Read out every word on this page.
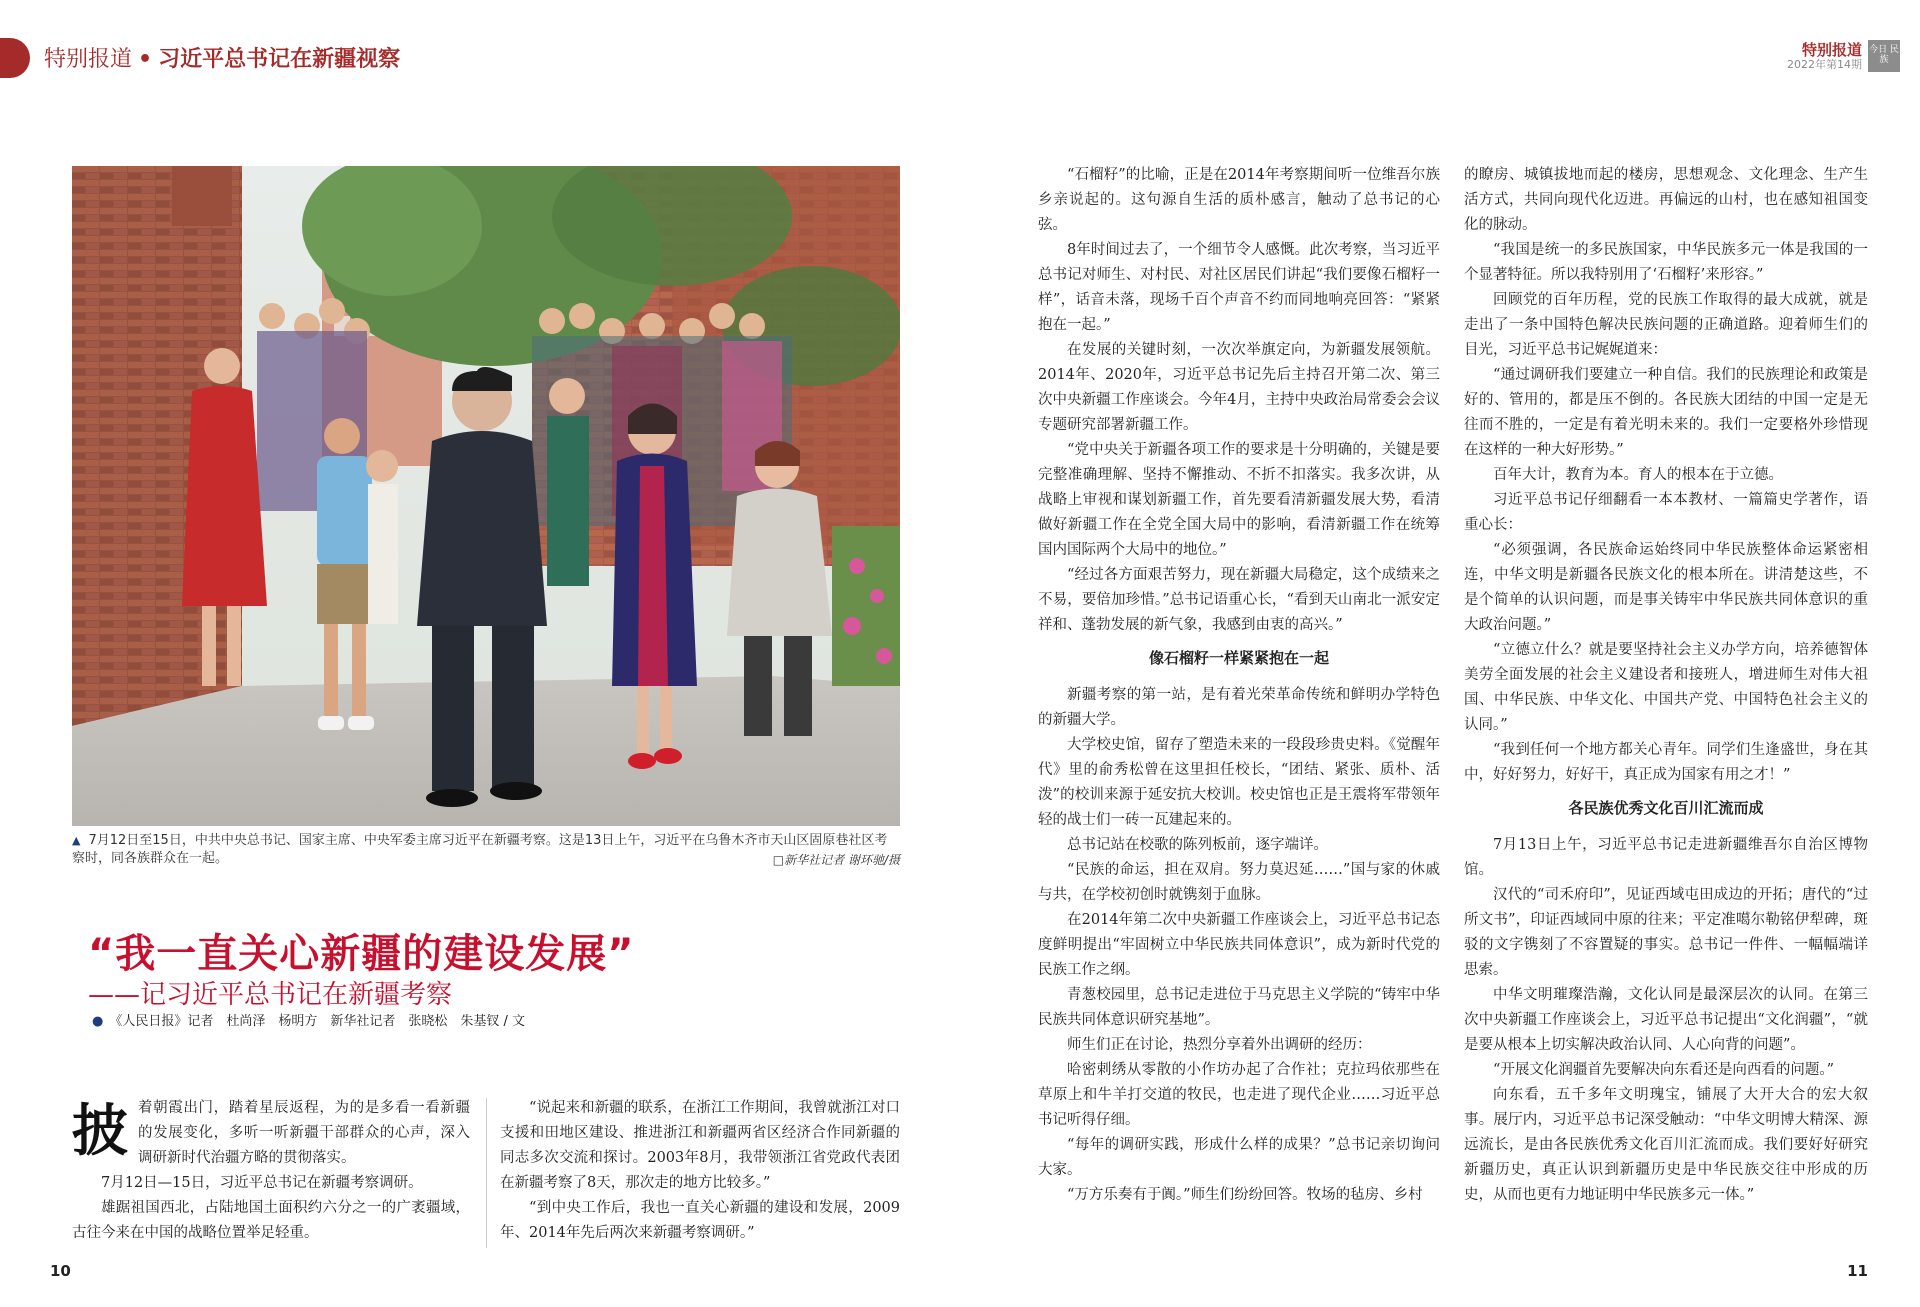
特别报道 • 习近平总书记在新疆视察	特别报道
2022年第14期
今日 民族
▲ 7月12日至15日，中共中央总书记、国家主席、中央军委主席习近平在新疆考察。这是13日上午，习近平在乌鲁木齐市天山区固原巷社区考察时，同各族群众在一起。	□新华社记者 谢环驰/摄
“我一直关心新疆的建设发展”
——记习近平总书记在新疆考察
● 《人民日报》记者　杜尚泽　杨明方　新华社记者　张晓松　朱基钗 / 文
披 着朝霞出门，踏着星辰返程，为的是多看一看新疆的发展变化，多听一听新疆干部群众的心声，深入调研新时代治疆方略的贯彻落实。

7月12日—15日，习近平总书记在新疆考察调研。

雄踞祖国西北，占陆地国土面积约六分之一的广袤疆域，古往今来在中国的战略位置举足轻重。

“说起来和新疆的联系，在浙江工作期间，我曾就浙江对口支援和田地区建设、推进浙江和新疆两省区经济合作同新疆的同志多次交流和探讨。2003年8月，我带领浙江省党政代表团在新疆考察了8天，那次走的地方比较多。”

“到中央工作后，我也一直关心新疆的建设和发展，2009年、2014年先后两次来新疆考察调研。”

“石榴籽”的比喻，正是在2014年考察期间听一位维吾尔族乡亲说起的。这句源自生活的质朴感言，触动了总书记的心弦。

8年时间过去了，一个细节令人感慨。此次考察，当习近平总书记对师生、对村民、对社区居民们讲起“我们要像石榴籽一样”，话音未落，现场千百个声音不约而同地响亮回答：“紧紧抱在一起。”

在发展的关键时刻，一次次举旗定向，为新疆发展领航。2014年、2020年，习近平总书记先后主持召开第二次、第三次中央新疆工作座谈会。今年4月，主持中央政治局常委会会议专题研究部署新疆工作。

“党中央关于新疆各项工作的要求是十分明确的，关键是要完整准确理解、坚持不懈推动、不折不扣落实。我多次讲，从战略上审视和谋划新疆工作，首先要看清新疆发展大势，看清做好新疆工作在全党全国大局中的影响，看清新疆工作在统筹国内国际两个大局中的地位。”

“经过各方面艰苦努力，现在新疆大局稳定，这个成绩来之不易，要倍加珍惜。”总书记语重心长，“看到天山南北一派安定祥和、蓬勃发展的新气象，我感到由衷的高兴。”

像石榴籽一样紧紧抱在一起

新疆考察的第一站，是有着光荣革命传统和鲜明办学特色的新疆大学。

大学校史馆，留存了塑造未来的一段段珍贵史料。《觉醒年代》里的俞秀松曾在这里担任校长，“团结、紧张、质朴、活泼”的校训来源于延安抗大校训。校史馆也正是王震将军带领年轻的战士们一砖一瓦建起来的。

总书记站在校歌的陈列板前，逐字端详。

“民族的命运，担在双肩。努力莫迟延……”国与家的休戚与共，在学校初创时就镌刻于血脉。

在2014年第二次中央新疆工作座谈会上，习近平总书记态度鲜明提出“牢固树立中华民族共同体意识”，成为新时代党的民族工作之纲。

青葱校园里，总书记走进位于马克思主义学院的“铸牢中华民族共同体意识研究基地”。

师生们正在讨论，热烈分享着外出调研的经历：

哈密剌绣从零散的小作坊办起了合作社；克拉玛依那些在草原上和牛羊打交道的牧民，也走进了现代企业……习近平总书记听得仔细。

“每年的调研实践，形成什么样的成果？”总书记亲切询问大家。

“万方乐奏有于阗。”师生们纷纷回答。牧场的毡房、乡村

的瞭房、城镇拔地而起的楼房，思想观念、文化理念、生产生活方式，共同向现代化迈进。再偏远的山村，也在感知祖国变化的脉动。

“我国是统一的多民族国家，中华民族多元一体是我国的一个显著特征。所以我特别用了‘石榴籽’来形容。”

回顾党的百年历程，党的民族工作取得的最大成就，就是走出了一条中国特色解决民族问题的正确道路。迎着师生们的目光，习近平总书记娓娓道来：

“通过调研我们要建立一种自信。我们的民族理论和政策是好的、管用的，都是压不倒的。各民族大团结的中国一定是无往而不胜的，一定是有着光明未来的。我们一定要格外珍惜现在这样的一种大好形势。”

百年大计，教育为本。育人的根本在于立德。

习近平总书记仔细翻看一本本教材、一篇篇史学著作，语重心长：

“必须强调，各民族命运始终同中华民族整体命运紧密相连，中华文明是新疆各民族文化的根本所在。讲清楚这些，不是个简单的认识问题，而是事关铸牢中华民族共同体意识的重大政治问题。”

“立德立什么？就是要坚持社会主义办学方向，培养德智体美劳全面发展的社会主义建设者和接班人，增进师生对伟大祖国、中华民族、中华文化、中国共产党、中国特色社会主义的认同。”

“我到任何一个地方都关心青年。同学们生逢盛世，身在其中，好好努力，好好干，真正成为国家有用之才！”

各民族优秀文化百川汇流而成

7月13日上午，习近平总书记走进新疆维吾尔自治区博物馆。

汉代的“司禾府印”，见证西域屯田成边的开拓；唐代的“过所文书”，印证西域同中原的往来；平定准噶尔勒铭伊犁碑，斑驳的文字镌刻了不容置疑的事实。总书记一件件、一幅幅端详思索。

中华文明璀璨浩瀚，文化认同是最深层次的认同。在第三次中央新疆工作座谈会上，习近平总书记提出“文化润疆”，“就是要从根本上切实解决政治认同、人心向背的问题”。

“开展文化润疆首先要解决向东看还是向西看的问题。”

向东看，五千多年文明瑰宝，铺展了大开大合的宏大叙事。展厅内，习近平总书记深受触动：“中华文明博大精深、源远流长，是由各民族优秀文化百川汇流而成。我们要好好研究新疆历史，真正认识到新疆历史是中华民族交往中形成的历史，从而也更有力地证明中华民族多元一体。”

10	11
